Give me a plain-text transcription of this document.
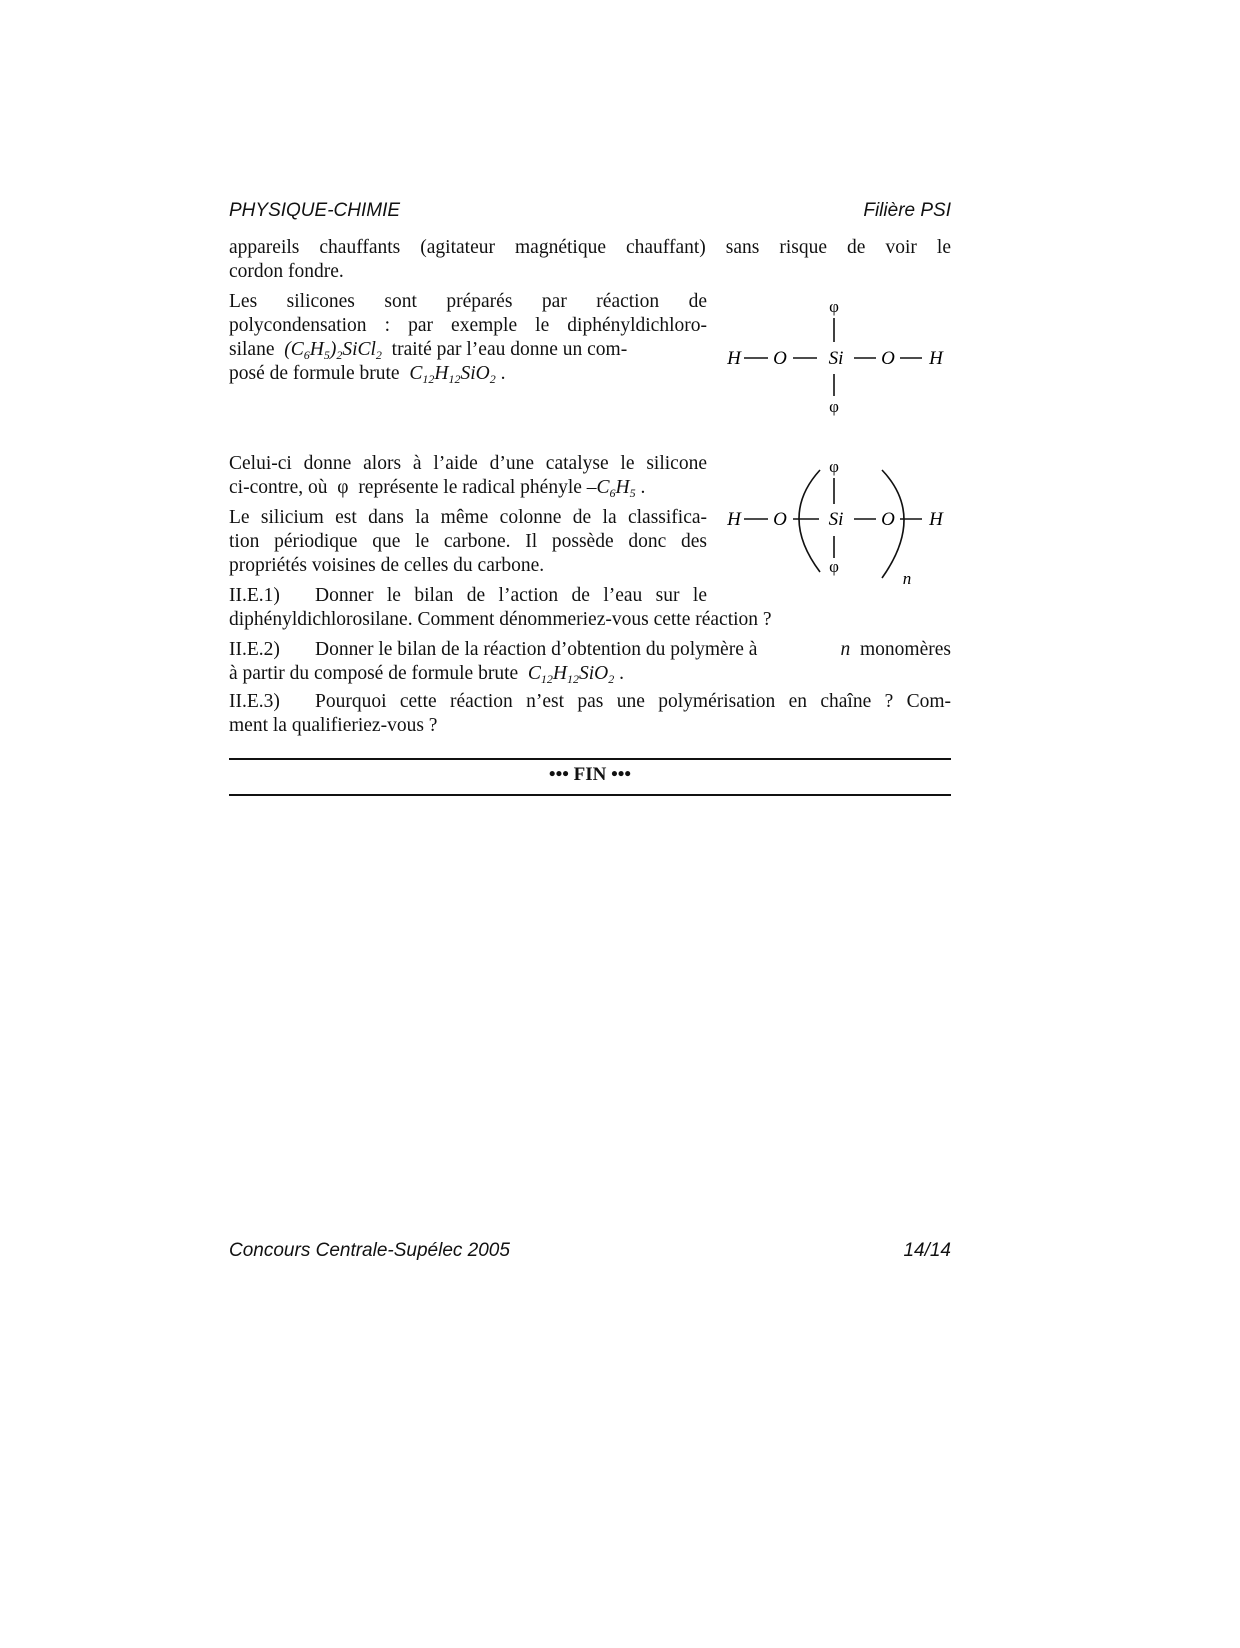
PHYSIQUE-CHIMIE	Filière PSI
appareils chauffants (agitateur magnétique chauffant) sans risque de voir le
cordon fondre.
Les silicones sont préparés par réaction de
polycondensation : par exemple le diphényldichloro-
silane $(C_6H_5)_2SiCl_2$ traité par l’eau donne un com-
posé de formule brute $C_{12}H_{12}SiO_2$ .
φ
H O Si O H
φ
Celui-ci donne alors à l’aide d’une catalyse le silicone
ci-contre, où φ représente le radical phényle $-C_6H_5$ .
Le silicium est dans la même colonne de la classifica-
tion périodique que le carbone. Il possède donc des
propriétés voisines de celles du carbone.
φ
H O Si O H
φ
n
II.E.1)	Donner le bilan de l’action de l’eau sur le
diphényldichlorosilane. Comment dénommeriez-vous cette réaction ?
II.E.2)	Donner le bilan de la réaction d’obtention du polymère à	n monomères
à partir du composé de formule brute $C_{12}H_{12}SiO_2$ .
II.E.3)	Pourquoi cette réaction n’est pas une polymérisation en chaîne ? Com-
ment la qualifieriez-vous ?
••• FIN •••
Concours Centrale-Supélec 2005	14/14
